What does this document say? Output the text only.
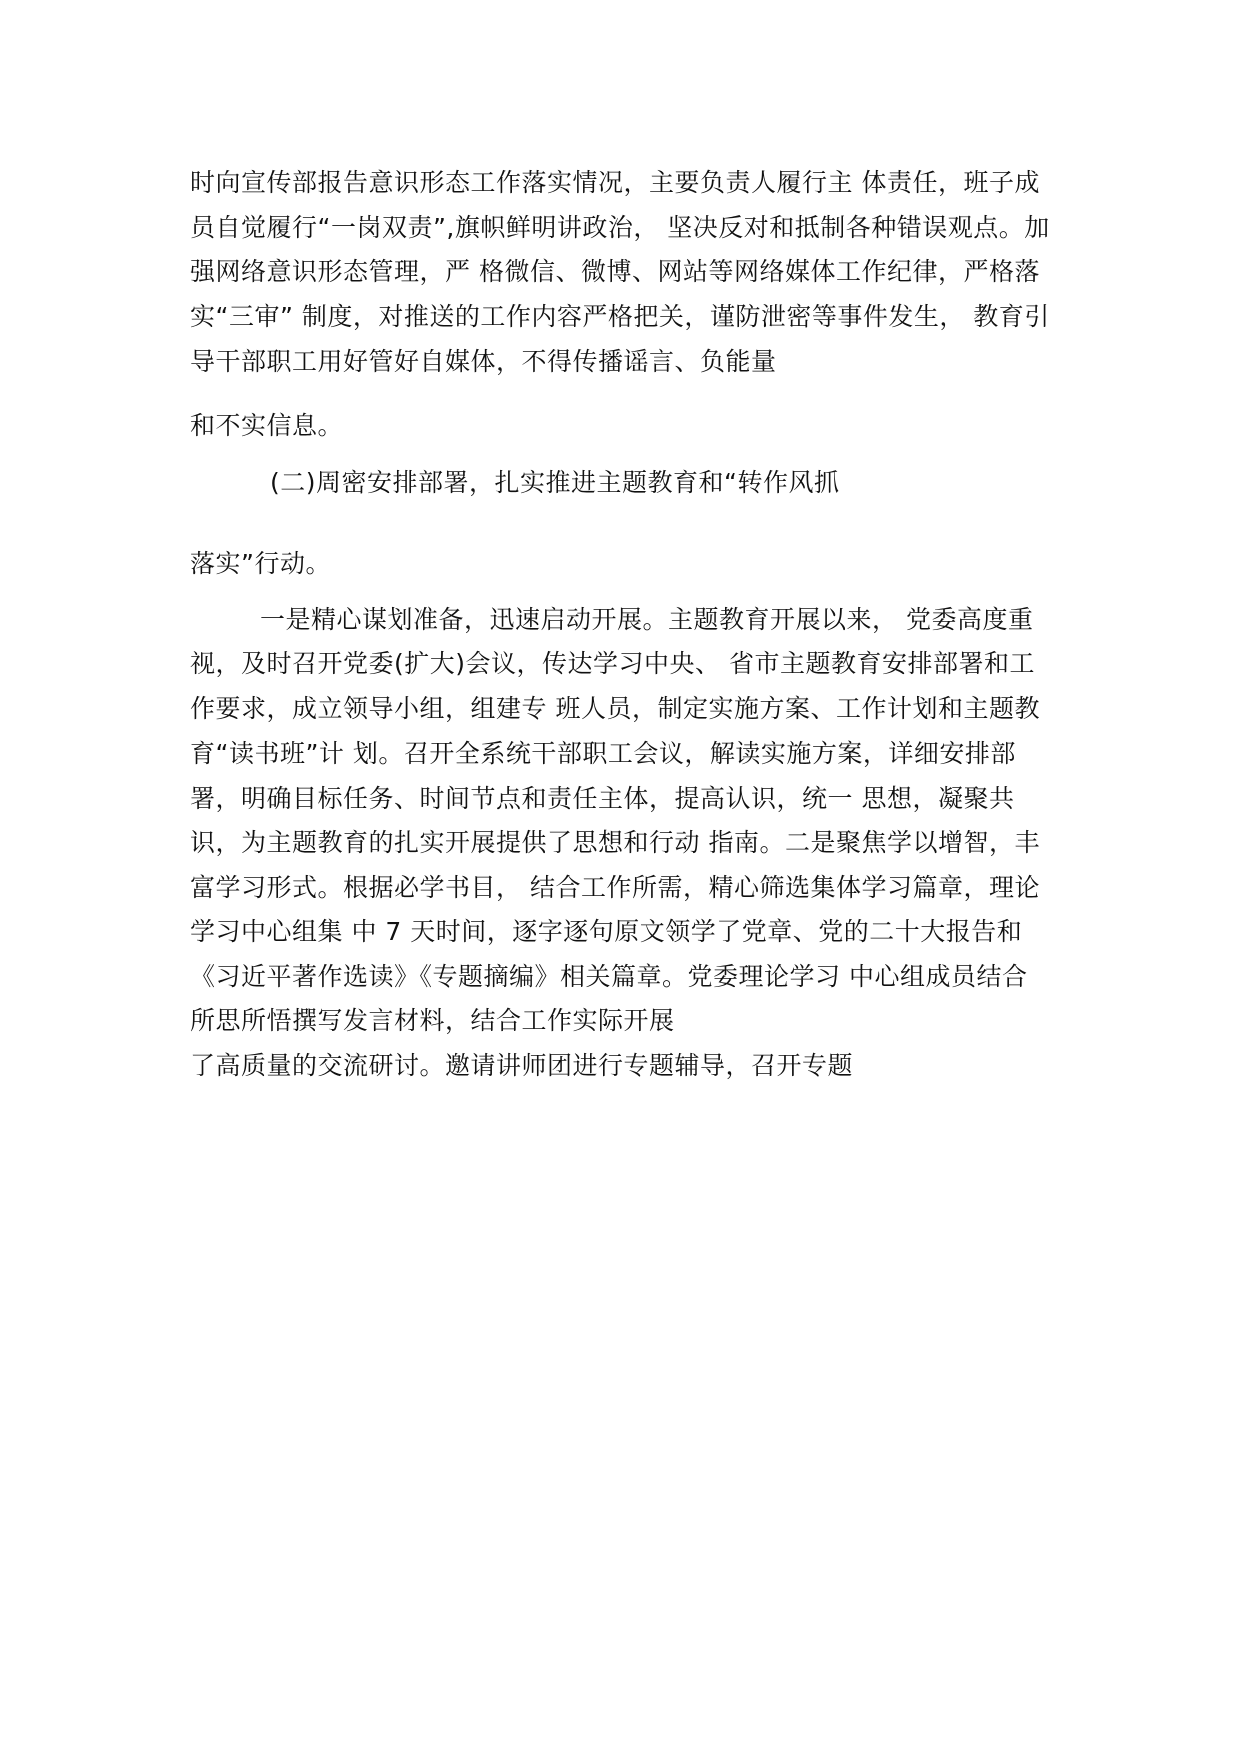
时向宣传部报告意识形态工作落实情况，主要负责人履行主 体责任，班子成
员自觉履行“一岗双责”,旗帜鲜明讲政治， 坚决反对和抵制各种错误观点。加
强网络意识形态管理，严 格微信、微博、网站等网络媒体工作纪律，严格落
实“三审” 制度，对推送的工作内容严格把关，谨防泄密等事件发生， 教育引
导干部职工用好管好自媒体，不得传播谣言、负能量
和不实信息。
(二)周密安排部署，扎实推进主题教育和“转作风抓
落实”行动。
一是精心谋划准备，迅速启动开展。主题教育开展以来， 党委高度重
视，及时召开党委(扩大)会议，传达学习中央、 省市主题教育安排部署和工
作要求，成立领导小组，组建专 班人员，制定实施方案、工作计划和主题教
育“读书班”计 划。召开全系统干部职工会议，解读实施方案，详细安排部
署，明确目标任务、时间节点和责任主体，提高认识，统一 思想，凝聚共
识，为主题教育的扎实开展提供了思想和行动 指南。二是聚焦学以增智，丰
富学习形式。根据必学书目， 结合工作所需，精心筛选集体学习篇章，理论
学习中心组集 中 7 天时间，逐字逐句原文领学了党章、党的二十大报告和
《习近平著作选读》《专题摘编》相关篇章。党委理论学习 中心组成员结合
所思所悟撰写发言材料，结合工作实际开展
了高质量的交流研讨。邀请讲师团进行专题辅导，召开专题
